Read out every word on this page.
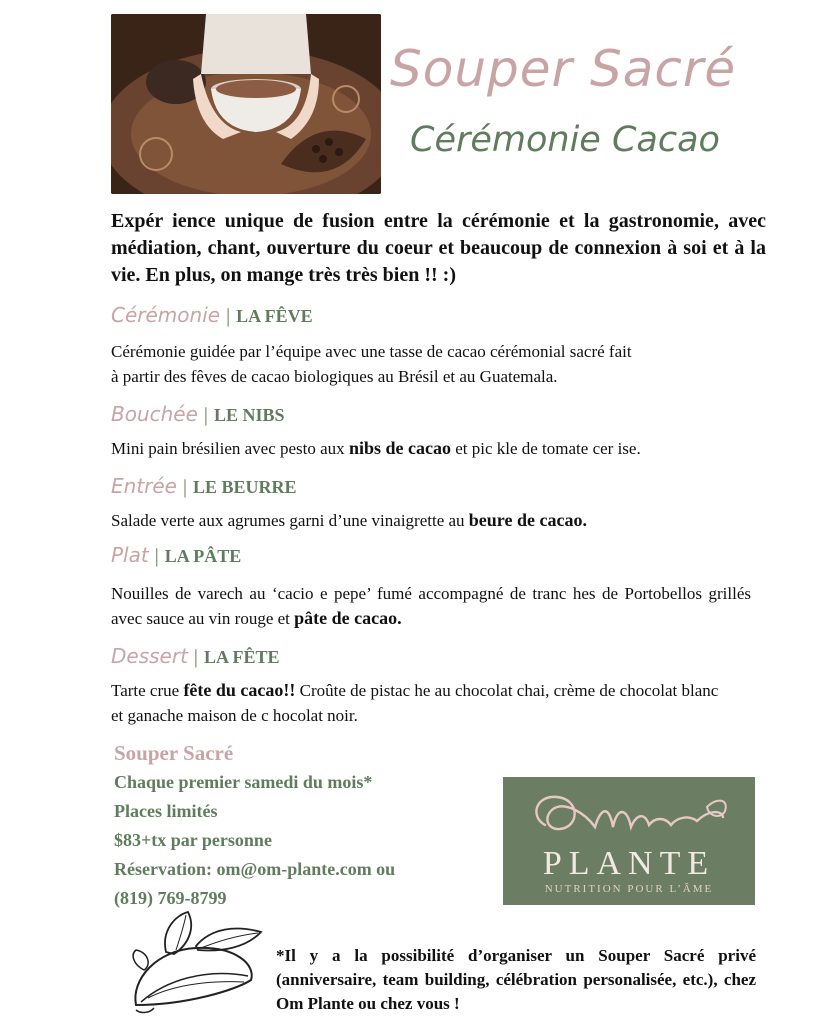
Souper Sacré
Cérémonie Cacao
Expér ience unique de fusion entre la cérémonie et la gastronomie, avec médiation, chant, ouverture du coeur et beaucoup de connexion à soi et à la vie. En plus, on mange très très bien !! :)
Cérémonie | LA FÊVE
Cérémonie guidée par l’équipe avec une tasse de cacao cérémonial sacré fait
à partir des fêves de cacao biologiques au Brésil et au Guatemala.
Bouchée | LE NIBS
Mini pain brésilien avec pesto aux nibs de cacao et pic kle de tomate cer ise.
Entrée | LE BEURRE
Salade verte aux agrumes garni d’une vinaigrette au beure de cacao.
Plat | LA PÂTE
Nouilles de varech au ‘cacio e pepe’ fumé accompagné de tranc hes de Portobellos grillés avec sauce au vin rouge et pâte de cacao.
Dessert | LA FÊTE
Tarte crue fête du cacao!! Croûte de pistac he au chocolat chai, crème de chocolat blanc et ganache maison de c hocolat noir.
Souper Sacré
Chaque premier samedi du mois*
Places limités
$83+tx par personne
Réservation: om@om-plante.com ou
(819) 769-8799
PLANTE
NUTRITION POUR L’ÂME
*Il y a la possibilité d’organiser un Souper Sacré privé (anniversaire, team building, célébration personalisée, etc.), chez Om Plante ou chez vous !
